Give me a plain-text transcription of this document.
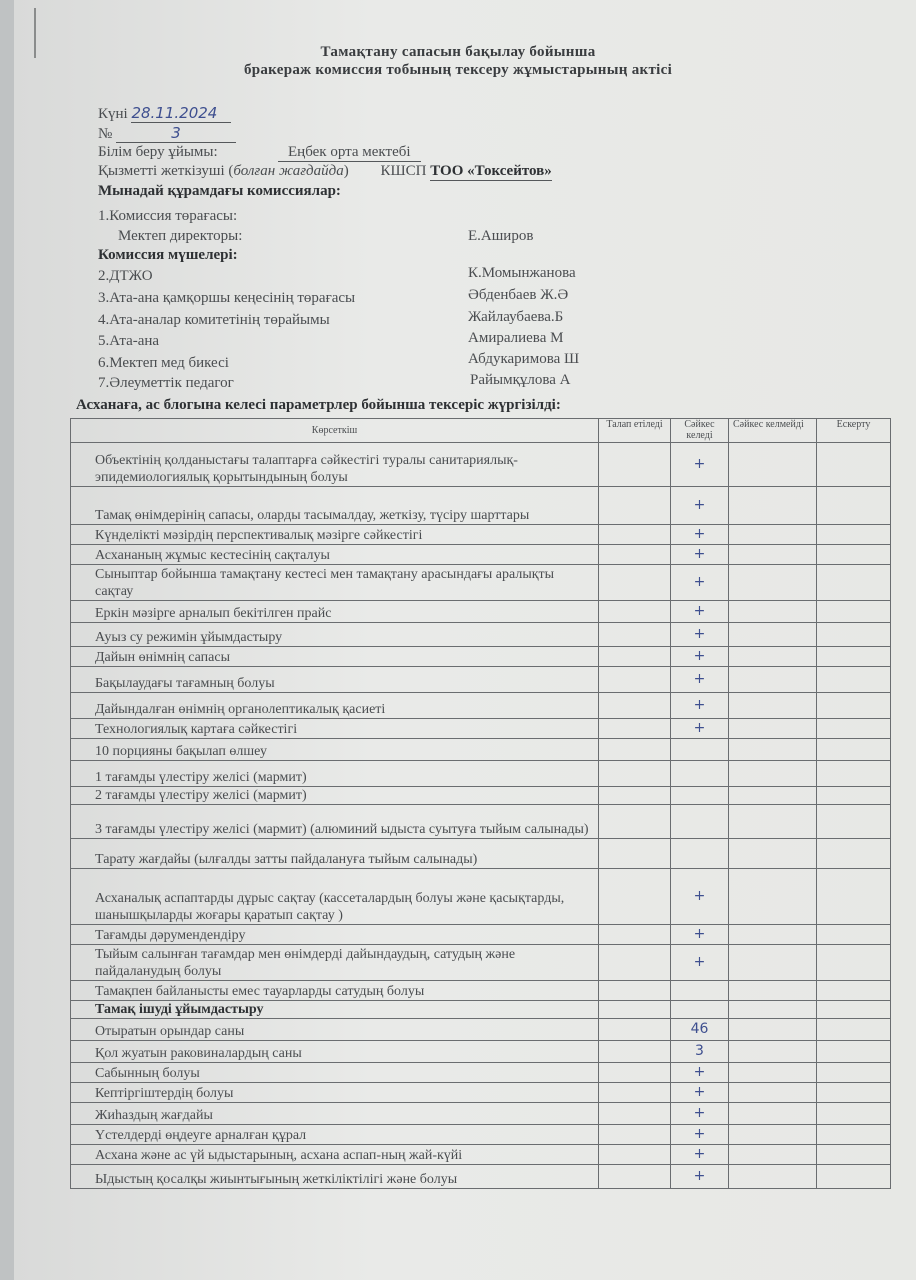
Тамақтану сапасын бақылау бойынша
бракераж комиссия тобының тексеру жұмыстарының актісі
Күні 28.11.2024
№	3
Білім беру ұйымы:	Еңбек орта мектебі
Қызметті жеткізуші (болған жағдайда) КШСП ТОО «Токсейтов»
Мынадай құрамдағы комиссиялар:
1.Комиссия төрағасы:
Мектеп директоры:	Е.Аширов
Комиссия мүшелері:
2.ДТЖО	К.Момынжанова
3.Ата-ана қамқоршы кеңесінің төрағасы	Әбденбаев Ж.Ә
4.Ата-аналар комитетінің төрайымы	Жайлаубаева.Б
5.Ата-ана	Амиралиева М
6.Мектеп мед бикесі	Абдукаримова Ш
7.Әлеуметтік педагог	Райымқұлова А
Асханаға, ас блогына келесі параметрлер бойынша тексеріс жүргізілді:
Көрсеткіш	Талап етіледі	Сәйкес келеді	Сәйкес келмейді	Ескерту
Объектінің қолданыстағы талаптарға сәйкестігі туралы санитариялық-эпидемиологиялық қорытындының болуы		+		
Тамақ өнімдерінің сапасы, оларды тасымалдау, жеткізу, түсіру шарттары		+		
Күнделікті мәзірдің перспективалық мәзірге сәйкестігі		+		
Асхананың жұмыс кестесінің сақталуы		+		
Сыныптар бойынша тамақтану кестесі мен тамақтану арасындағы аралықты сақтау		+		
Еркін мәзірге арналып бекітілген прайс		+		
Ауыз су режимін ұйымдастыру		+		
Дайын өнімнің сапасы		+		
Бақылаудағы тағамның болуы		+		
Дайындалған өнімнің органолептикалық қасиеті		+		
Технологиялық картаға сәйкестігі		+		
10 порцияны бақылап өлшеу				
1 тағамды үлестіру желісі (мармит)				
2 тағамды үлестіру желісі (мармит)				
3 тағамды үлестіру желісі (мармит) (алюминий ыдыста суытуға тыйым салынады)				
Тарату жағдайы (ылғалды затты пайдалануға тыйым салынады)				
Асханалық аспаптарды дұрыс сақтау (кассеталардың болуы және қасықтарды, шанышқыларды жоғары қаратып сақтау )		+		
Тағамды дәрумендендіру		+		
Тыйым салынған тағамдар мен өнімдерді дайындаудың, сатудың және пайдаланудың болуы		+		
Тамақпен байланысты емес тауарларды сатудың болуы				
Тамақ ішуді ұйымдастыру				
Отыратын орындар саны		46		
Қол жуатын раковиналардың саны		3		
Сабынның болуы		+		
Кептіргіштердің болуы		+		
Жиһаздың жағдайы		+		
Үстелдерді өңдеуге арналған құрал		+		
Асхана және ас үй ыдыстарының, асхана аспап-ның жай-күйі		+		
Ыдыстың қосалқы жиынтығының жеткіліктілігі және болуы		+		
